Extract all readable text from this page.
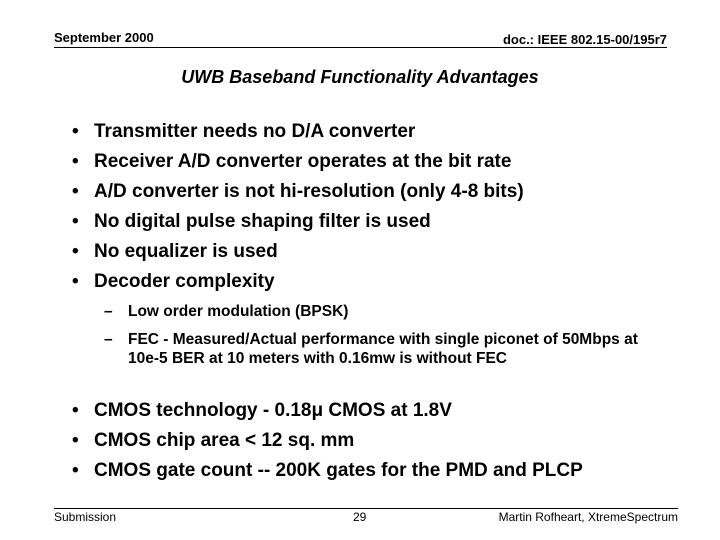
September 2000	doc.: IEEE 802.15-00/195r7
UWB Baseband Functionality Advantages
• Transmitter needs no D/A converter
• Receiver A/D converter operates at the bit rate
• A/D converter is not hi-resolution (only 4-8 bits)
• No digital pulse shaping filter is used
• No equalizer is used
• Decoder complexity
– Low order modulation (BPSK)
– FEC - Measured/Actual performance with single piconet of 50Mbps at 10e-5 BER at 10 meters with 0.16mw is without FEC
• CMOS technology - 0.18μ CMOS at 1.8V
• CMOS chip area < 12 sq. mm
• CMOS gate count -- 200K gates for the PMD and PLCP
Submission	29	Martin Rofheart, XtremeSpectrum
